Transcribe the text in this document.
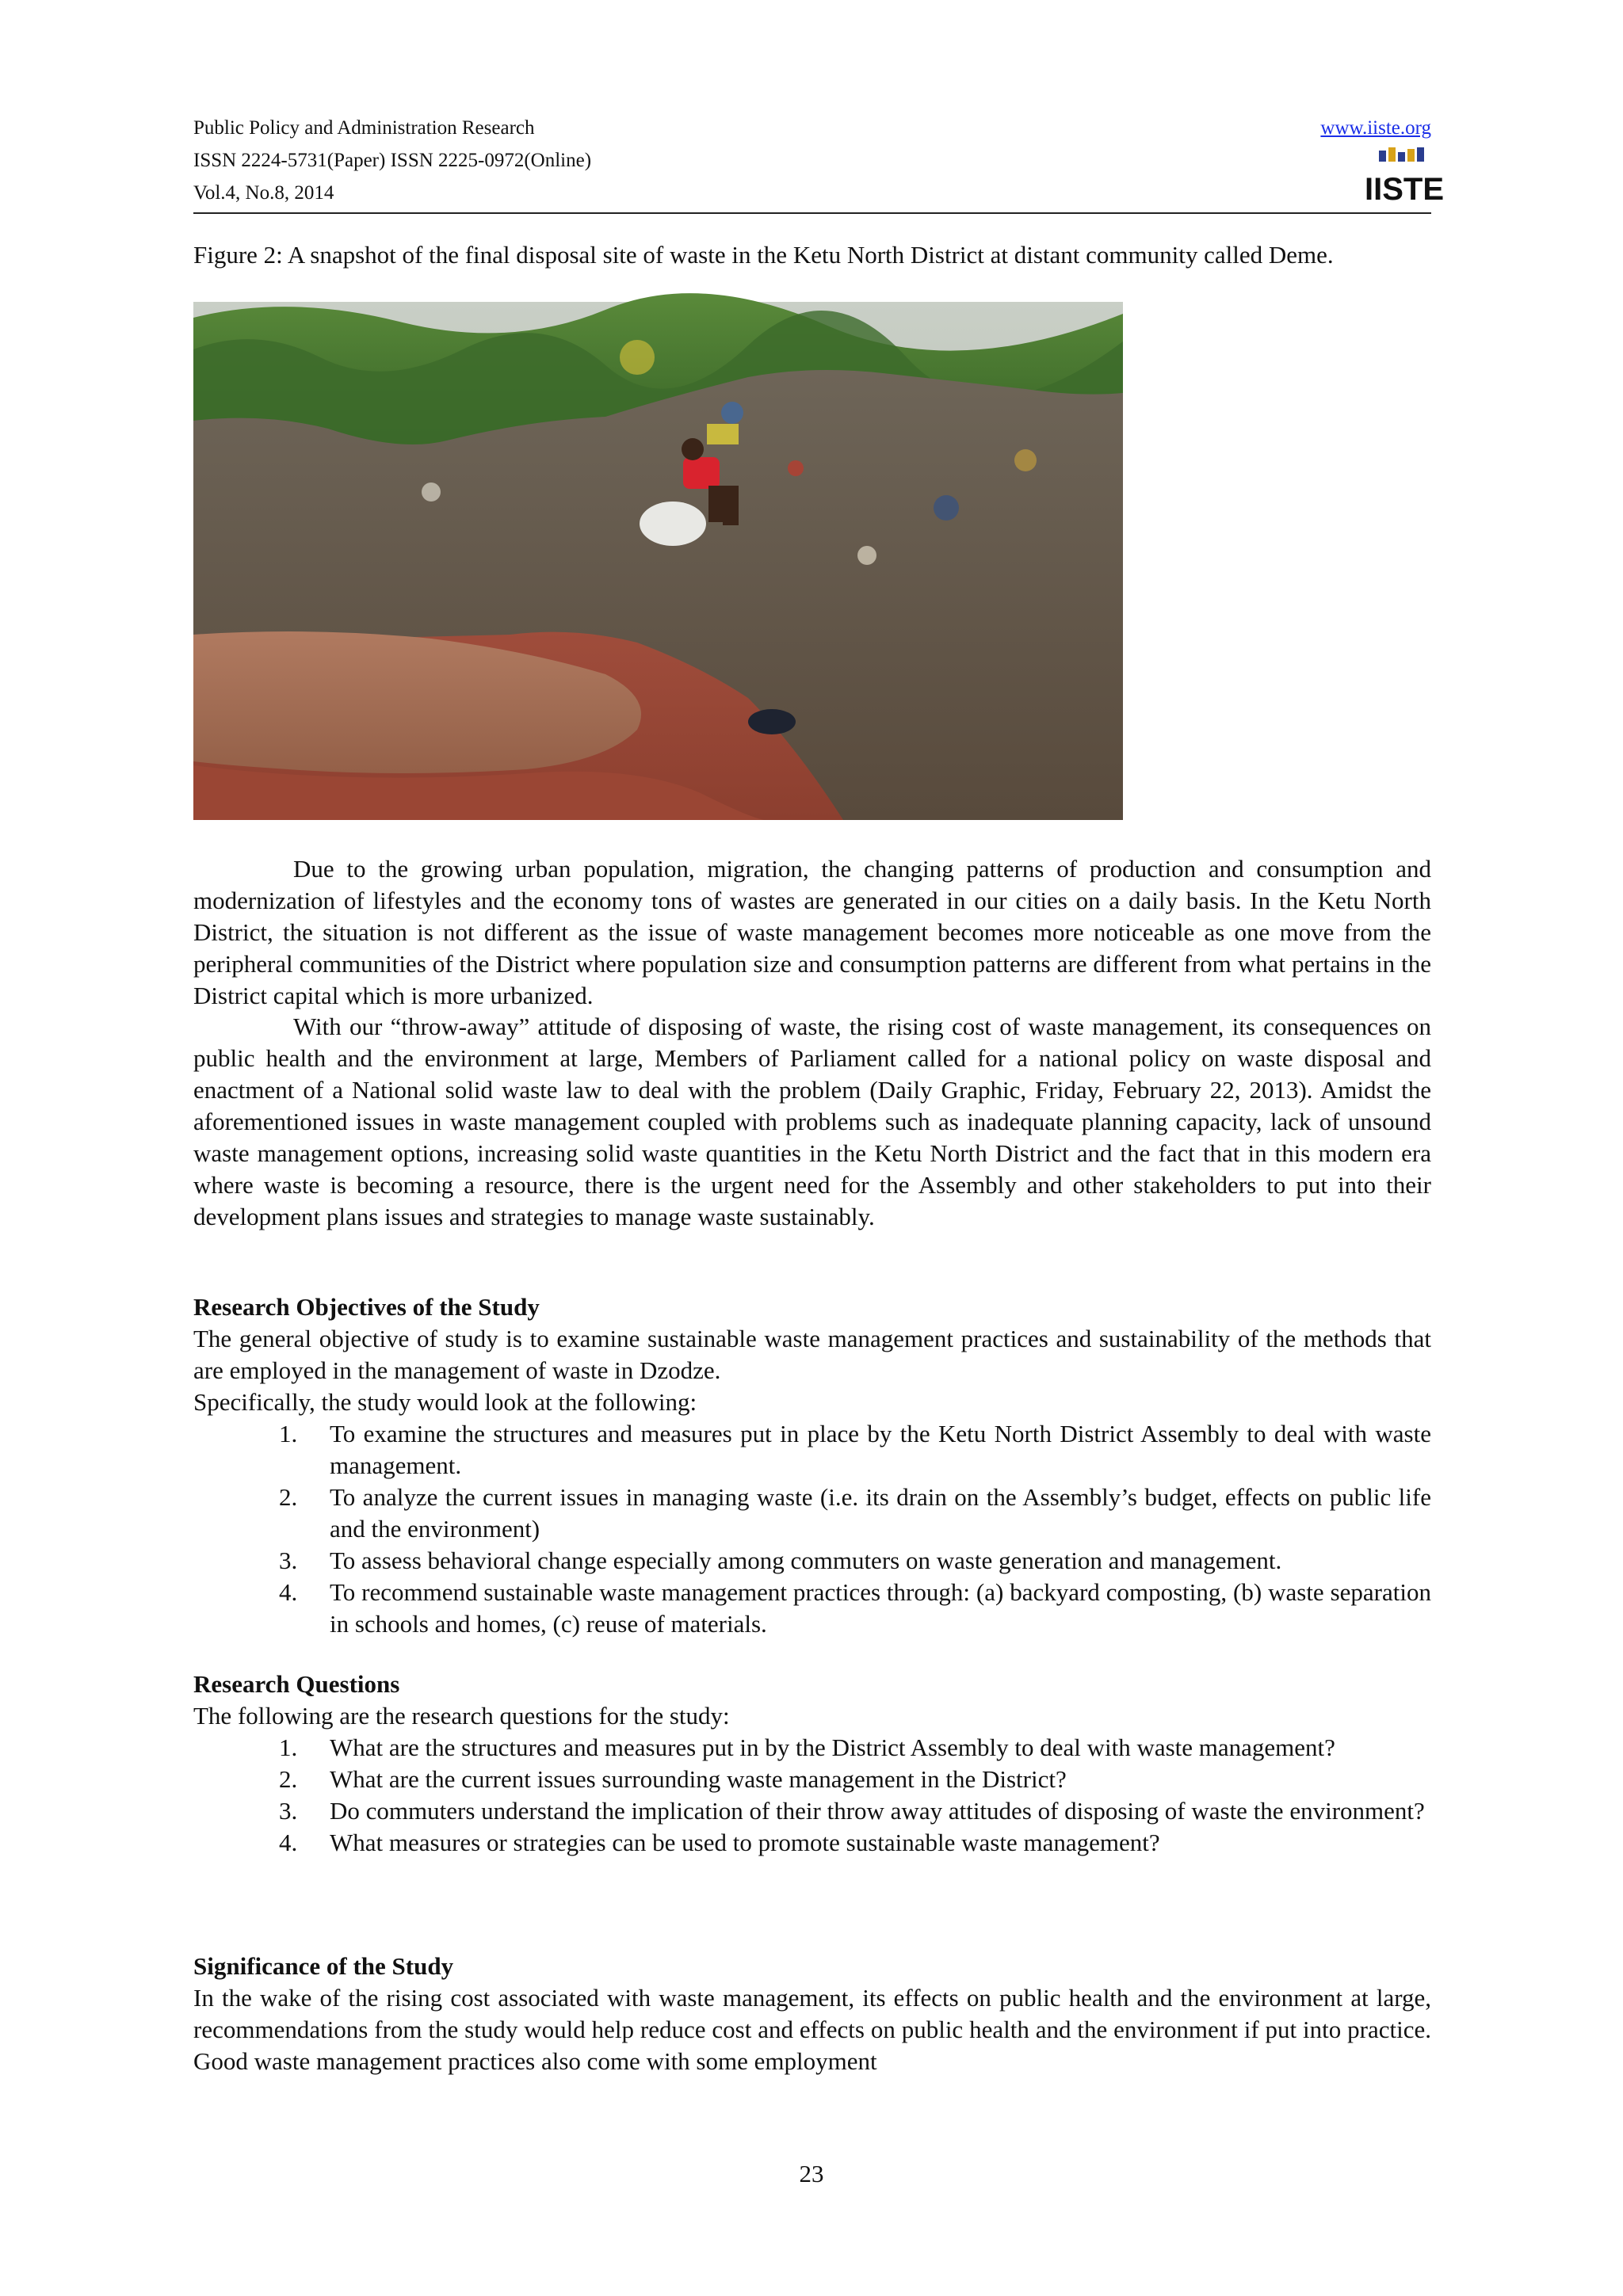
Public Policy and Administration Research
ISSN 2224-5731(Paper) ISSN 2225-0972(Online)
Vol.4, No.8, 2014
www.iiste.org
IISTE
Figure 2: A snapshot of the final disposal site of waste in the Ketu North District at distant community called Deme.
Due to the growing urban population, migration, the changing patterns of production and consumption and modernization of lifestyles and the economy tons of wastes are generated in our cities on a daily basis. In the Ketu North District, the situation is not different as the issue of waste management becomes more noticeable as one move from the peripheral communities of the District where population size and consumption patterns are different from what pertains in the District capital which is more urbanized.
With our “throw-away” attitude of disposing of waste, the rising cost of waste management, its consequences on public health and the environment at large, Members of Parliament called for a national policy on waste disposal and enactment of a National solid waste law to deal with the problem (Daily Graphic, Friday, February 22, 2013). Amidst the aforementioned issues in waste management coupled with problems such as inadequate planning capacity, lack of unsound waste management options, increasing solid waste quantities in the Ketu North District and the fact that in this modern era where waste is becoming a resource, there is the urgent need for the Assembly and other stakeholders to put into their development plans issues and strategies to manage waste sustainably.
Research Objectives of the Study
The general objective of study is to examine sustainable waste management practices and sustainability of the methods that are employed in the management of waste in Dzodze.
Specifically, the study would look at the following:
1. To examine the structures and measures put in place by the Ketu North District Assembly to deal with waste management.
2. To analyze the current issues in managing waste (i.e. its drain on the Assembly’s budget, effects on public life and the environment)
3. To assess behavioral change especially among commuters on waste generation and management.
4. To recommend sustainable waste management practices through: (a) backyard composting, (b) waste separation in schools and homes, (c) reuse of materials.
Research Questions
The following are the research questions for the study:
1. What are the structures and measures put in by the District Assembly to deal with waste management?
2. What are the current issues surrounding waste management in the District?
3. Do commuters understand the implication of their throw away attitudes of disposing of waste the environment?
4. What measures or strategies can be used to promote sustainable waste management?
Significance of the Study
In the wake of the rising cost associated with waste management, its effects on public health and the environment at large, recommendations from the study would help reduce cost and effects on public health and the environment if put into practice. Good waste management practices also come with some employment
23
